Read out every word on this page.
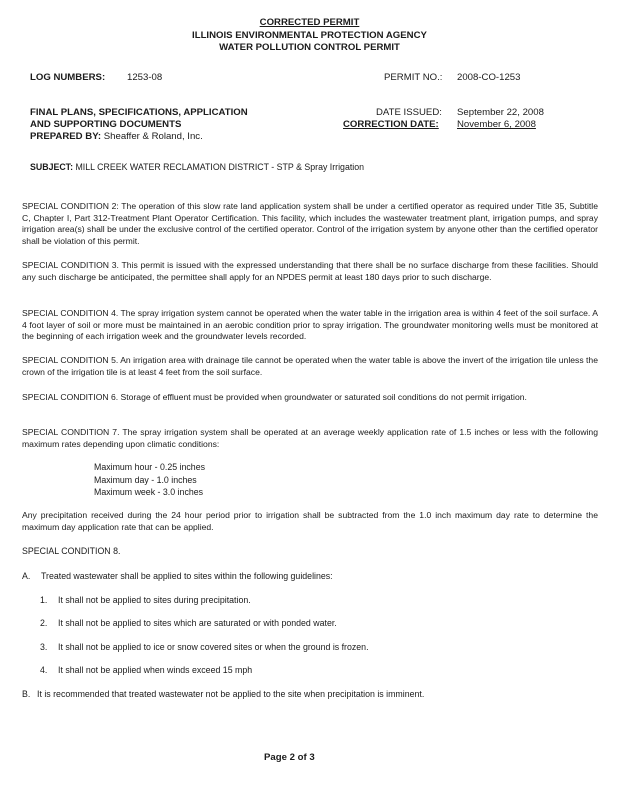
CORRECTED PERMIT
ILLINOIS ENVIRONMENTAL PROTECTION AGENCY
WATER POLLUTION CONTROL PERMIT
LOG NUMBERS: 1253-08	PERMIT NO.: 2008-CO-1253
FINAL PLANS, SPECIFICATIONS, APPLICATION
AND SUPPORTING DOCUMENTS
PREPARED BY: Sheaffer & Roland, Inc.
DATE ISSUED: September 22, 2008
CORRECTION DATE: November 6, 2008
SUBJECT: MILL CREEK WATER RECLAMATION DISTRICT - STP & Spray Irrigation
SPECIAL CONDITION 2: The operation of this slow rate land application system shall be under a certified operator as required under Title 35, Subtitle C, Chapter I, Part 312-Treatment Plant Operator Certification. This facility, which includes the wastewater treatment plant, irrigation pumps, and spray irrigation area(s) shall be under the exclusive control of the certified operator. Control of the irrigation system by anyone other than the certified operator shall be violation of this permit.
SPECIAL CONDITION 3. This permit is issued with the expressed understanding that there shall be no surface discharge from these facilities. Should any such discharge be anticipated, the permittee shall apply for an NPDES permit at least 180 days prior to such discharge.
SPECIAL CONDITION 4. The spray irrigation system cannot be operated when the water table in the irrigation area is within 4 feet of the soil surface. A 4 foot layer of soil or more must be maintained in an aerobic condition prior to spray irrigation. The groundwater monitoring wells must be monitored at the beginning of each irrigation week and the groundwater levels recorded.
SPECIAL CONDITION 5. An irrigation area with drainage tile cannot be operated when the water table is above the invert of the irrigation tile unless the crown of the irrigation tile is at least 4 feet from the soil surface.
SPECIAL CONDITION 6. Storage of effluent must be provided when groundwater or saturated soil conditions do not permit irrigation.
SPECIAL CONDITION 7. The spray irrigation system shall be operated at an average weekly application rate of 1.5 inches or less with the following maximum rates depending upon climatic conditions:
Maximum hour - 0.25 inches
Maximum day - 1.0 inches
Maximum week - 3.0 inches
Any precipitation received during the 24 hour period prior to irrigation shall be subtracted from the 1.0 inch maximum day rate to determine the maximum day application rate that can be applied.
SPECIAL CONDITION 8.
A. Treated wastewater shall be applied to sites within the following guidelines:
1. It shall not be applied to sites during precipitation.
2. It shall not be applied to sites which are saturated or with ponded water.
3. It shall not be applied to ice or snow covered sites or when the ground is frozen.
4. It shall not be applied when winds exceed 15 mph
B. It is recommended that treated wastewater not be applied to the site when precipitation is imminent.
Page 2 of 3
